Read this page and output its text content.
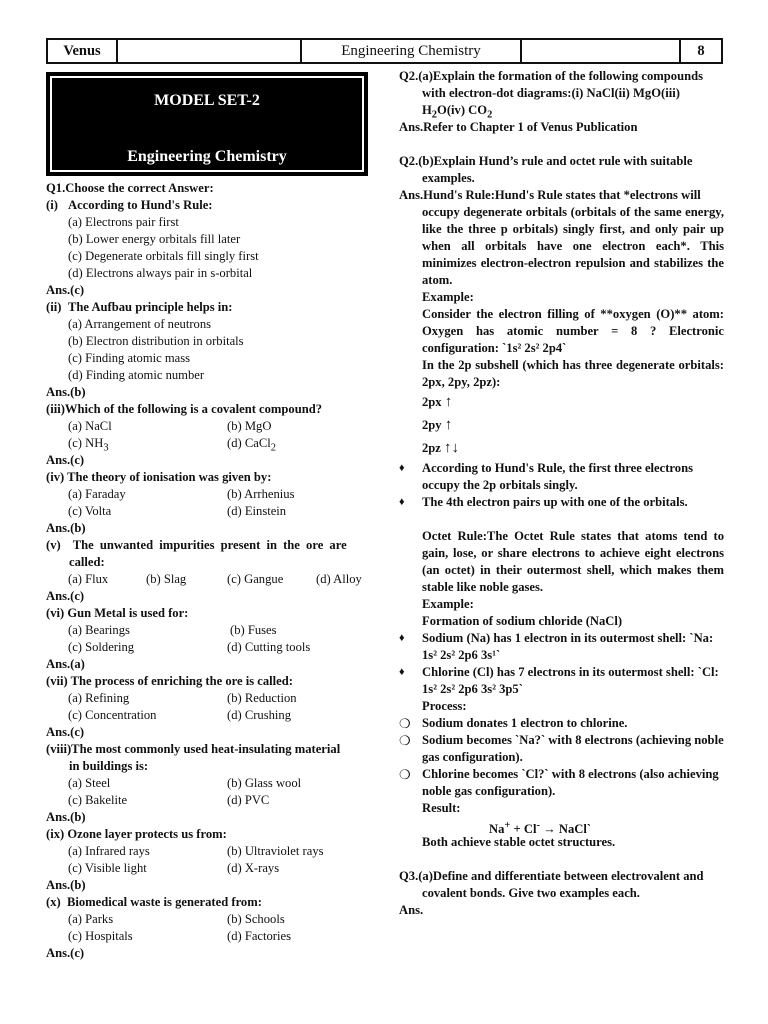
Venus	Engineering Chemistry	8
MODEL SET-2
Engineering Chemistry
Q1.Choose the correct Answer:
(i) According to Hund's Rule:
(a) Electrons pair first
(b) Lower energy orbitals fill later
(c) Degenerate orbitals fill singly first
(d) Electrons always pair in s-orbital
Ans.(c)
(ii) The Aufbau principle helps in:
(a) Arrangement of neutrons
(b) Electron distribution in orbitals
(c) Finding atomic mass
(d) Finding atomic number
Ans.(b)
(iii)Which of the following is a covalent compound?
(a) NaCl	(b) MgO
(c) $NH_3$	(d) CaCl$_2$
Ans.(c)
(iv) The theory of ionisation was given by:
(a) Faraday	(b) Arrhenius
(c) Volta	(d) Einstein
Ans.(b)
(v)  The unwanted impurities present in the ore are
called:
(a) Flux	(b) Slag	(c) Gangue	(d) Alloy
Ans.(c)
(vi) Gun Metal is used for:
(a) Bearings	(b) Fuses
(c) Soldering	(d) Cutting tools
Ans.(a)
(vii) The process of enriching the ore is called:
(a) Refining	(b) Reduction
(c) Concentration	(d) Crushing
Ans.(c)
(viii)The most commonly used heat-insulating material
in buildings is:
(a) Steel	(b) Glass wool
(c) Bakelite	(d) PVC
Ans.(b)
(ix) Ozone layer protects us from:
(a) Infrared rays	(b) Ultraviolet rays
(c) Visible light	(d) X-rays
Ans.(b)
(x)  Biomedical waste is generated from:
(a) Parks	(b) Schools
(c) Hospitals	(d) Factories
Ans.(c)
Q2.(a)Explain the formation of the following compounds
with electron-dot diagrams:(i) NaCl(ii) MgO(iii)
$H_2O(iv)$ $CO_2$
Ans.Refer to Chapter 1 of Venus Publication
Q2.(b)Explain Hund’s rule and octet rule with suitable
examples.
Ans.Hund's Rule:Hund's Rule states that *electrons will
occupy degenerate orbitals (orbitals of the same energy, like the three p orbitals) singly first, and only pair up when all orbitals have one electron each*. This minimizes electron-electron repulsion and stabilizes the atom.
Example:
Consider the electron filling of **oxygen (O)** atom: Oxygen has atomic number = 8 ? Electronic configuration: `1s² 2s² 2p4`
In the 2p subshell (which has three degenerate orbitals: 2px, 2py, 2pz):
2px ↑
2py ↑
2pz ↑↓
♦	According to Hund's Rule, the first three electrons occupy the 2p orbitals singly.
♦	The 4th electron pairs up with one of the orbitals.
Octet Rule:The Octet Rule states that atoms tend to gain, lose, or share electrons to achieve eight electrons (an octet) in their outermost shell, which makes them stable like noble gases.
Example:
Formation of sodium chloride (NaCl)
♦	Sodium (Na) has 1 electron in its outermost shell: `Na: 1s² 2s² 2p6 3s¹`
♦	Chlorine (Cl) has 7 electrons in its outermost shell: `Cl: 1s² 2s² 2p6 3s² 3p5`
Process:
❍ Sodium donates 1 electron to chlorine.
❍ Sodium becomes `Na?` with 8 electrons (achieving noble gas configuration).
❍ Chlorine becomes `Cl?` with 8 electrons (also achieving noble gas configuration).
Result:
Na+ + Cl- → NaCl`
Both achieve stable octet structures.
Q3.(a)Define and differentiate between electrovalent and
covalent bonds. Give two examples each.
Ans.
